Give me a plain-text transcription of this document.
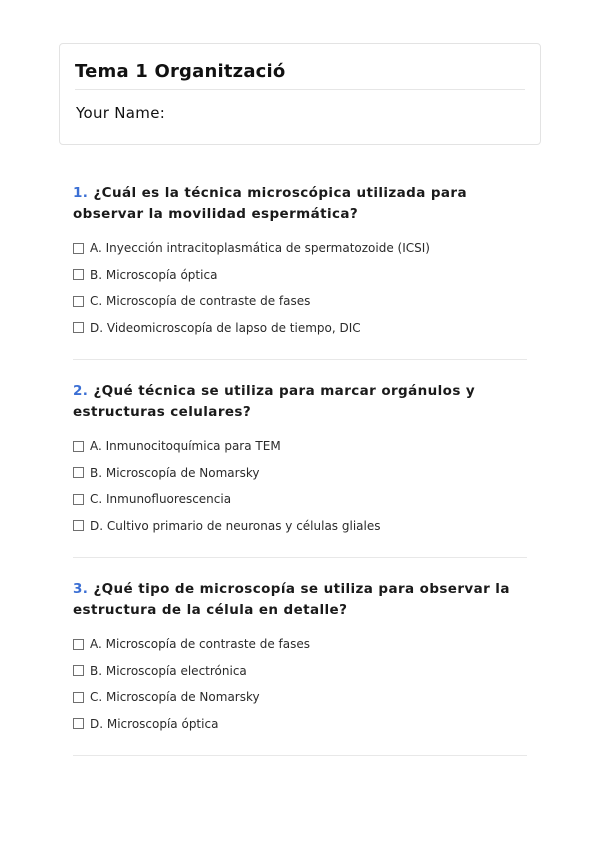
Tema 1 Organització
Your Name:

1. ¿Cuál es la técnica microscópica utilizada para observar la movilidad espermática?

A. Inyección intracitoplasmática de spermatozoide (ICSI)
B. Microscopía óptica
C. Microscopía de contraste de fases
D. Videomicroscopía de lapso de tiempo, DIC

2. ¿Qué técnica se utiliza para marcar orgánulos y estructuras celulares?

A. Inmunocitoquímica para TEM
B. Microscopía de Nomarsky
C. Inmunofluorescencia
D. Cultivo primario de neuronas y células gliales

3. ¿Qué tipo de microscopía se utiliza para observar la estructura de la célula en detalle?

A. Microscopía de contraste de fases
B. Microscopía electrónica
C. Microscopía de Nomarsky
D. Microscopía óptica
